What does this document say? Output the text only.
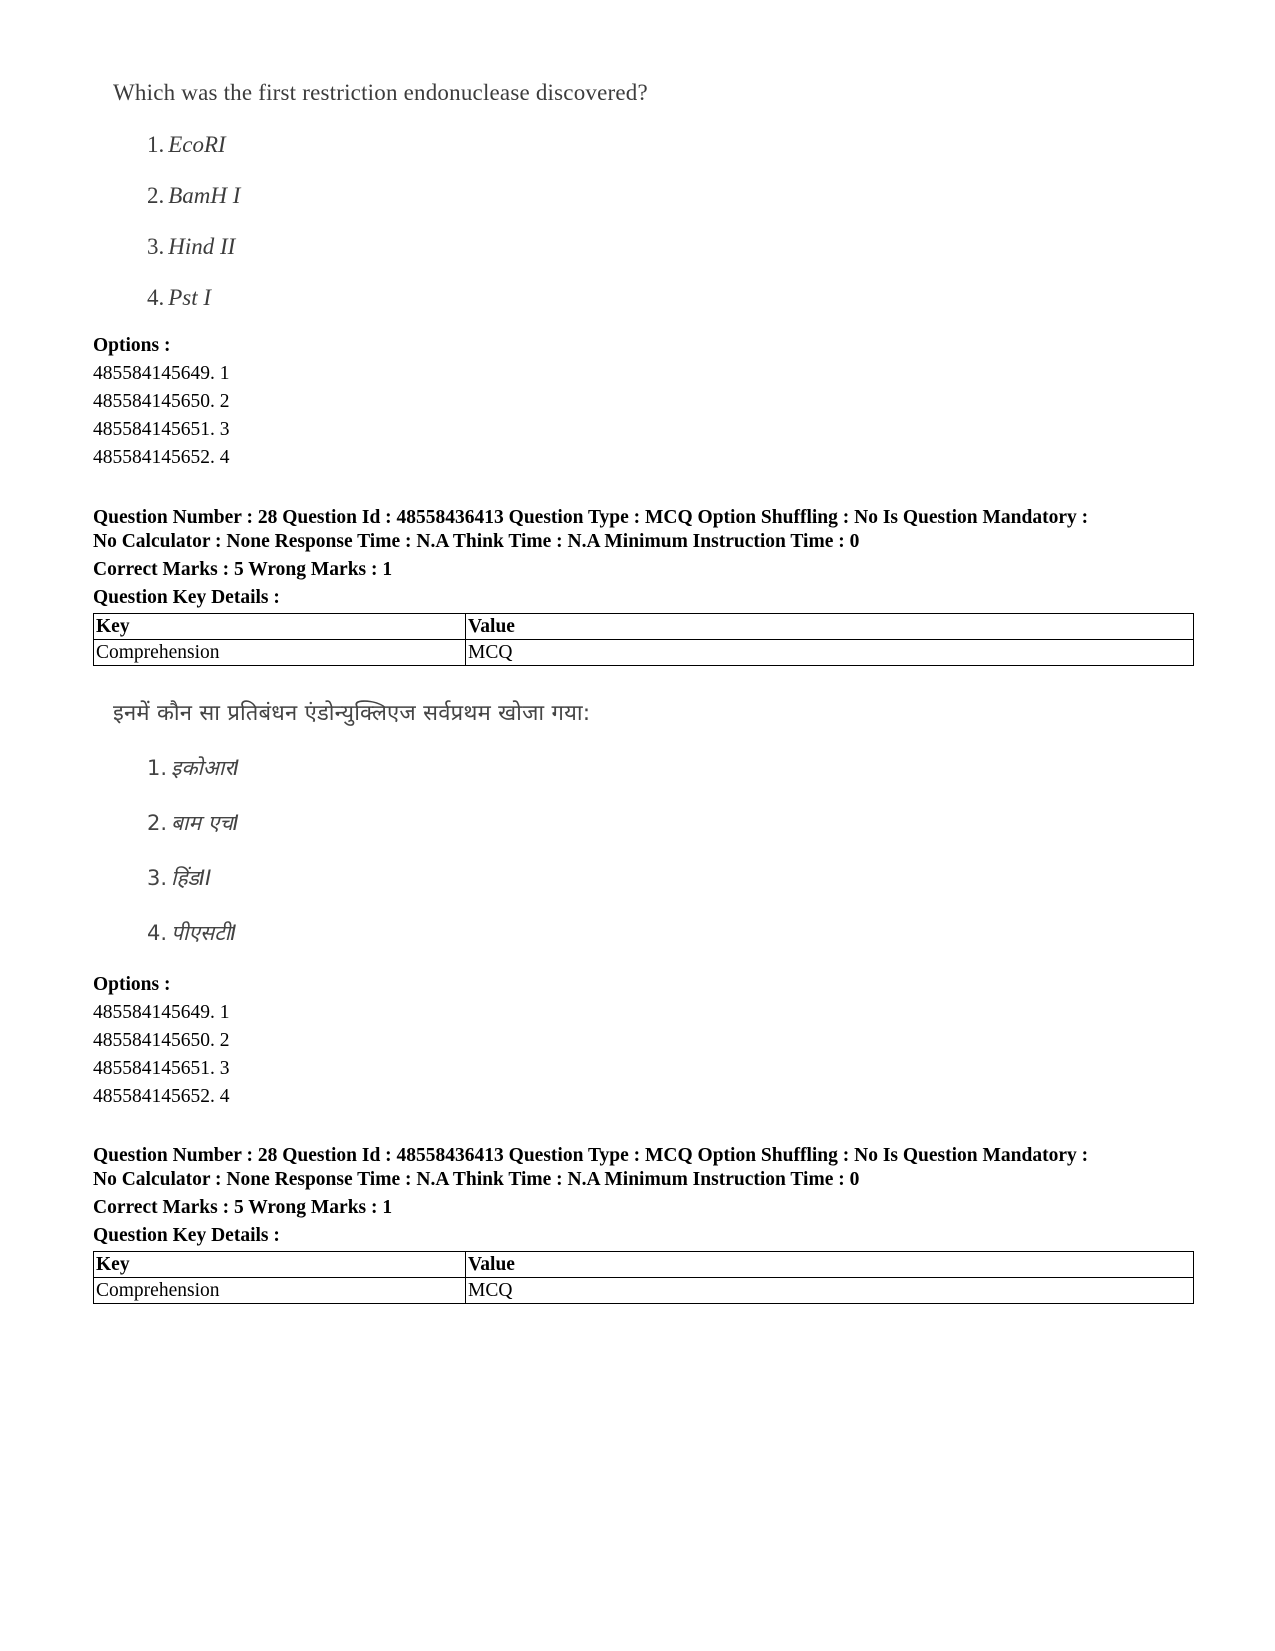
Which was the first restriction endonuclease discovered?
1. EcoRI
2. BamH I
3. Hind II
4. Pst I
Options :
485584145649. 1
485584145650. 2
485584145651. 3
485584145652. 4
Question Number : 28 Question Id : 48558436413 Question Type : MCQ Option Shuffling : No Is Question Mandatory :
No Calculator : None Response Time : N.A Think Time : N.A Minimum Instruction Time : 0
Correct Marks : 5 Wrong Marks : 1
Question Key Details :
Key	Value
Comprehension	MCQ
इनमें कौन सा प्रतिबंधन एंडोन्युक्लिएज सर्वप्रथम खोजा गया:
1. इकोआरI
2. बाम एचI
3. हिंडII
4. पीएसटीI
Options :
485584145649. 1
485584145650. 2
485584145651. 3
485584145652. 4
Question Number : 28 Question Id : 48558436413 Question Type : MCQ Option Shuffling : No Is Question Mandatory :
No Calculator : None Response Time : N.A Think Time : N.A Minimum Instruction Time : 0
Correct Marks : 5 Wrong Marks : 1
Question Key Details :
Key	Value
Comprehension	MCQ
